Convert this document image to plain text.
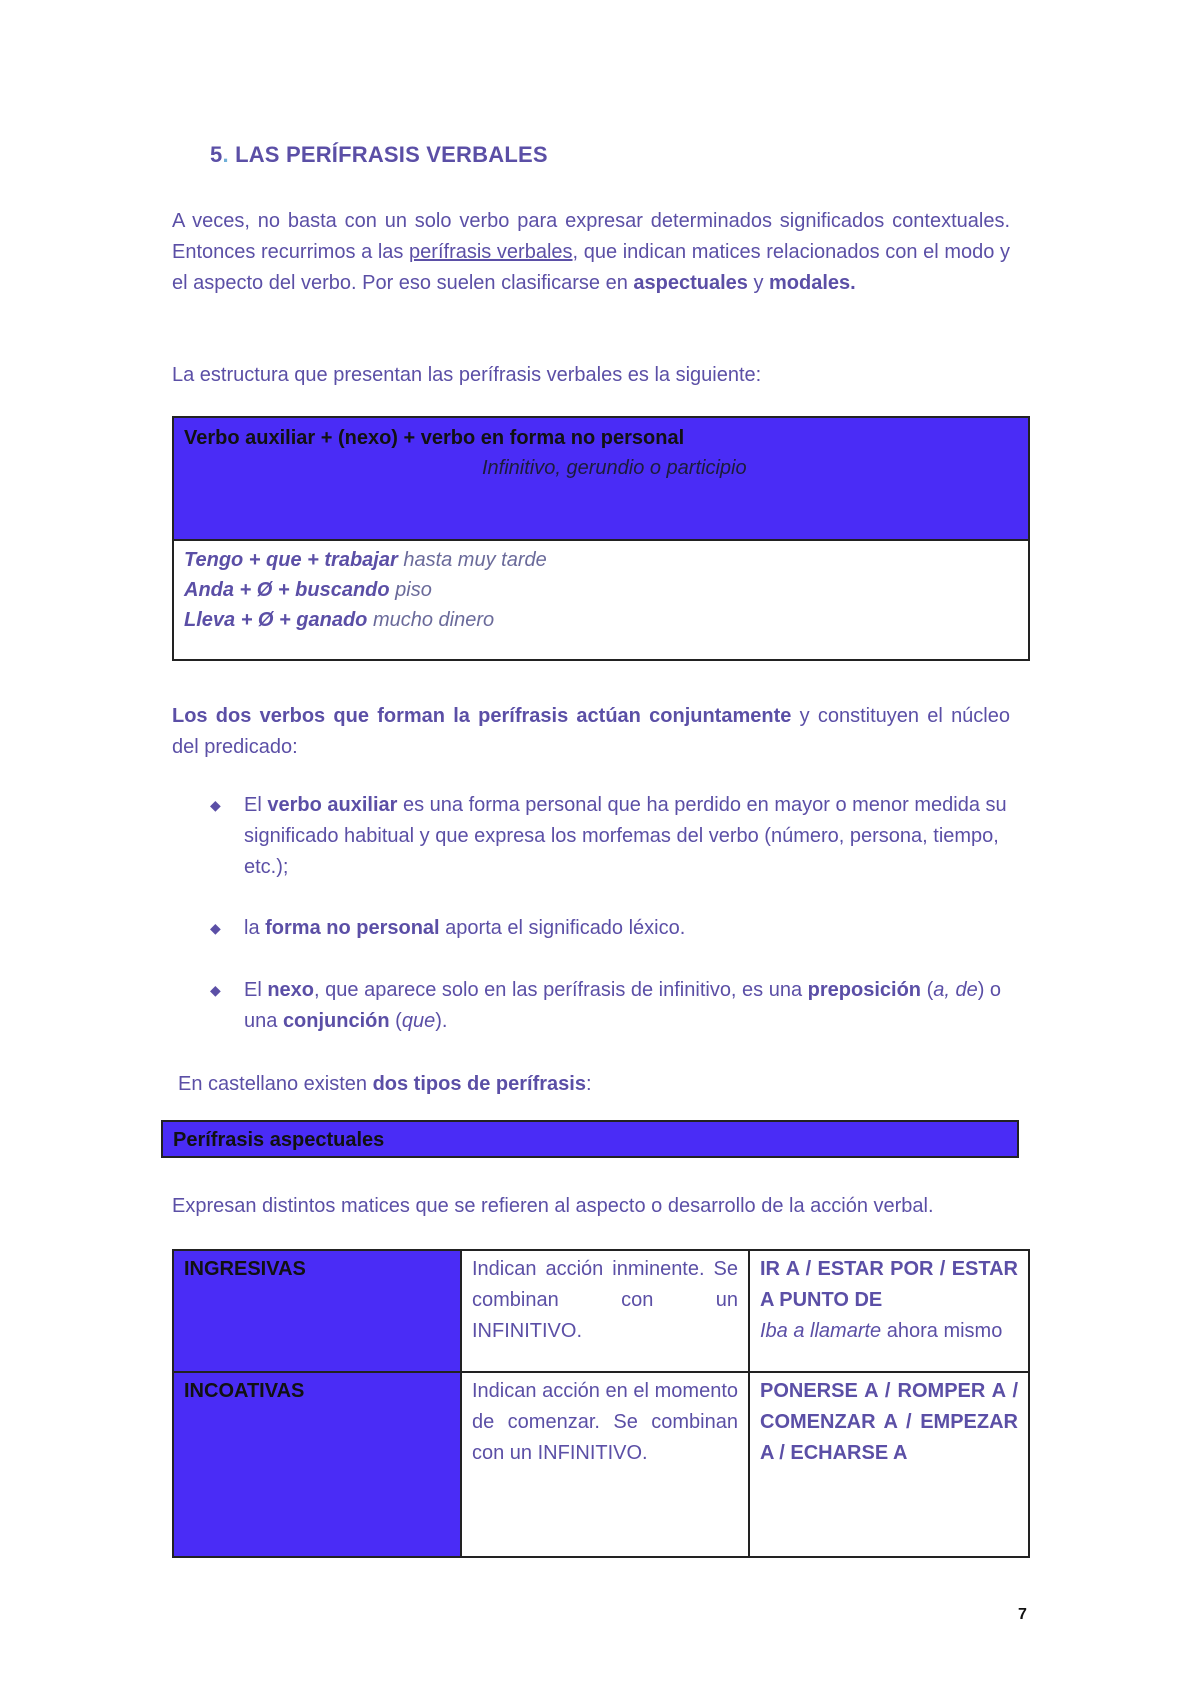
5. LAS PERÍFRASIS VERBALES
A veces, no basta con un solo verbo para expresar determinados significados contextuales. Entonces recurrimos a las perífrasis verbales, que indican matices relacionados con el modo y el aspecto del verbo. Por eso suelen clasificarse en aspectuales y modales.
La estructura que presentan las perífrasis verbales es la siguiente:
Verbo auxiliar + (nexo) + verbo en forma no personal
Infinitivo, gerundio o participio
Tengo + que + trabajar hasta muy tarde
Anda + Ø + buscando piso
Lleva + Ø + ganado mucho dinero
Los dos verbos que forman la perífrasis actúan conjuntamente y constituyen el núcleo del predicado:
◆ El verbo auxiliar es una forma personal que ha perdido en mayor o menor medida su significado habitual y que expresa los morfemas del verbo (número, persona, tiempo, etc.);
◆ la forma no personal aporta el significado léxico.
◆ El nexo, que aparece solo en las perífrasis de infinitivo, es una preposición (a, de) o una conjunción (que).
En castellano existen dos tipos de perífrasis:
Perífrasis aspectuales
Expresan distintos matices que se refieren al aspecto o desarrollo de la acción verbal.
INGRESIVAS	Indican acción inminente. Se combinan con un INFINITIVO.	IR A / ESTAR POR / ESTAR A PUNTO DE
Iba a llamarte ahora mismo
INCOATIVAS	Indican acción en el momento de comenzar. Se combinan con un INFINITIVO.	PONERSE A / ROMPER A / COMENZAR A / EMPEZAR A / ECHARSE A
7
